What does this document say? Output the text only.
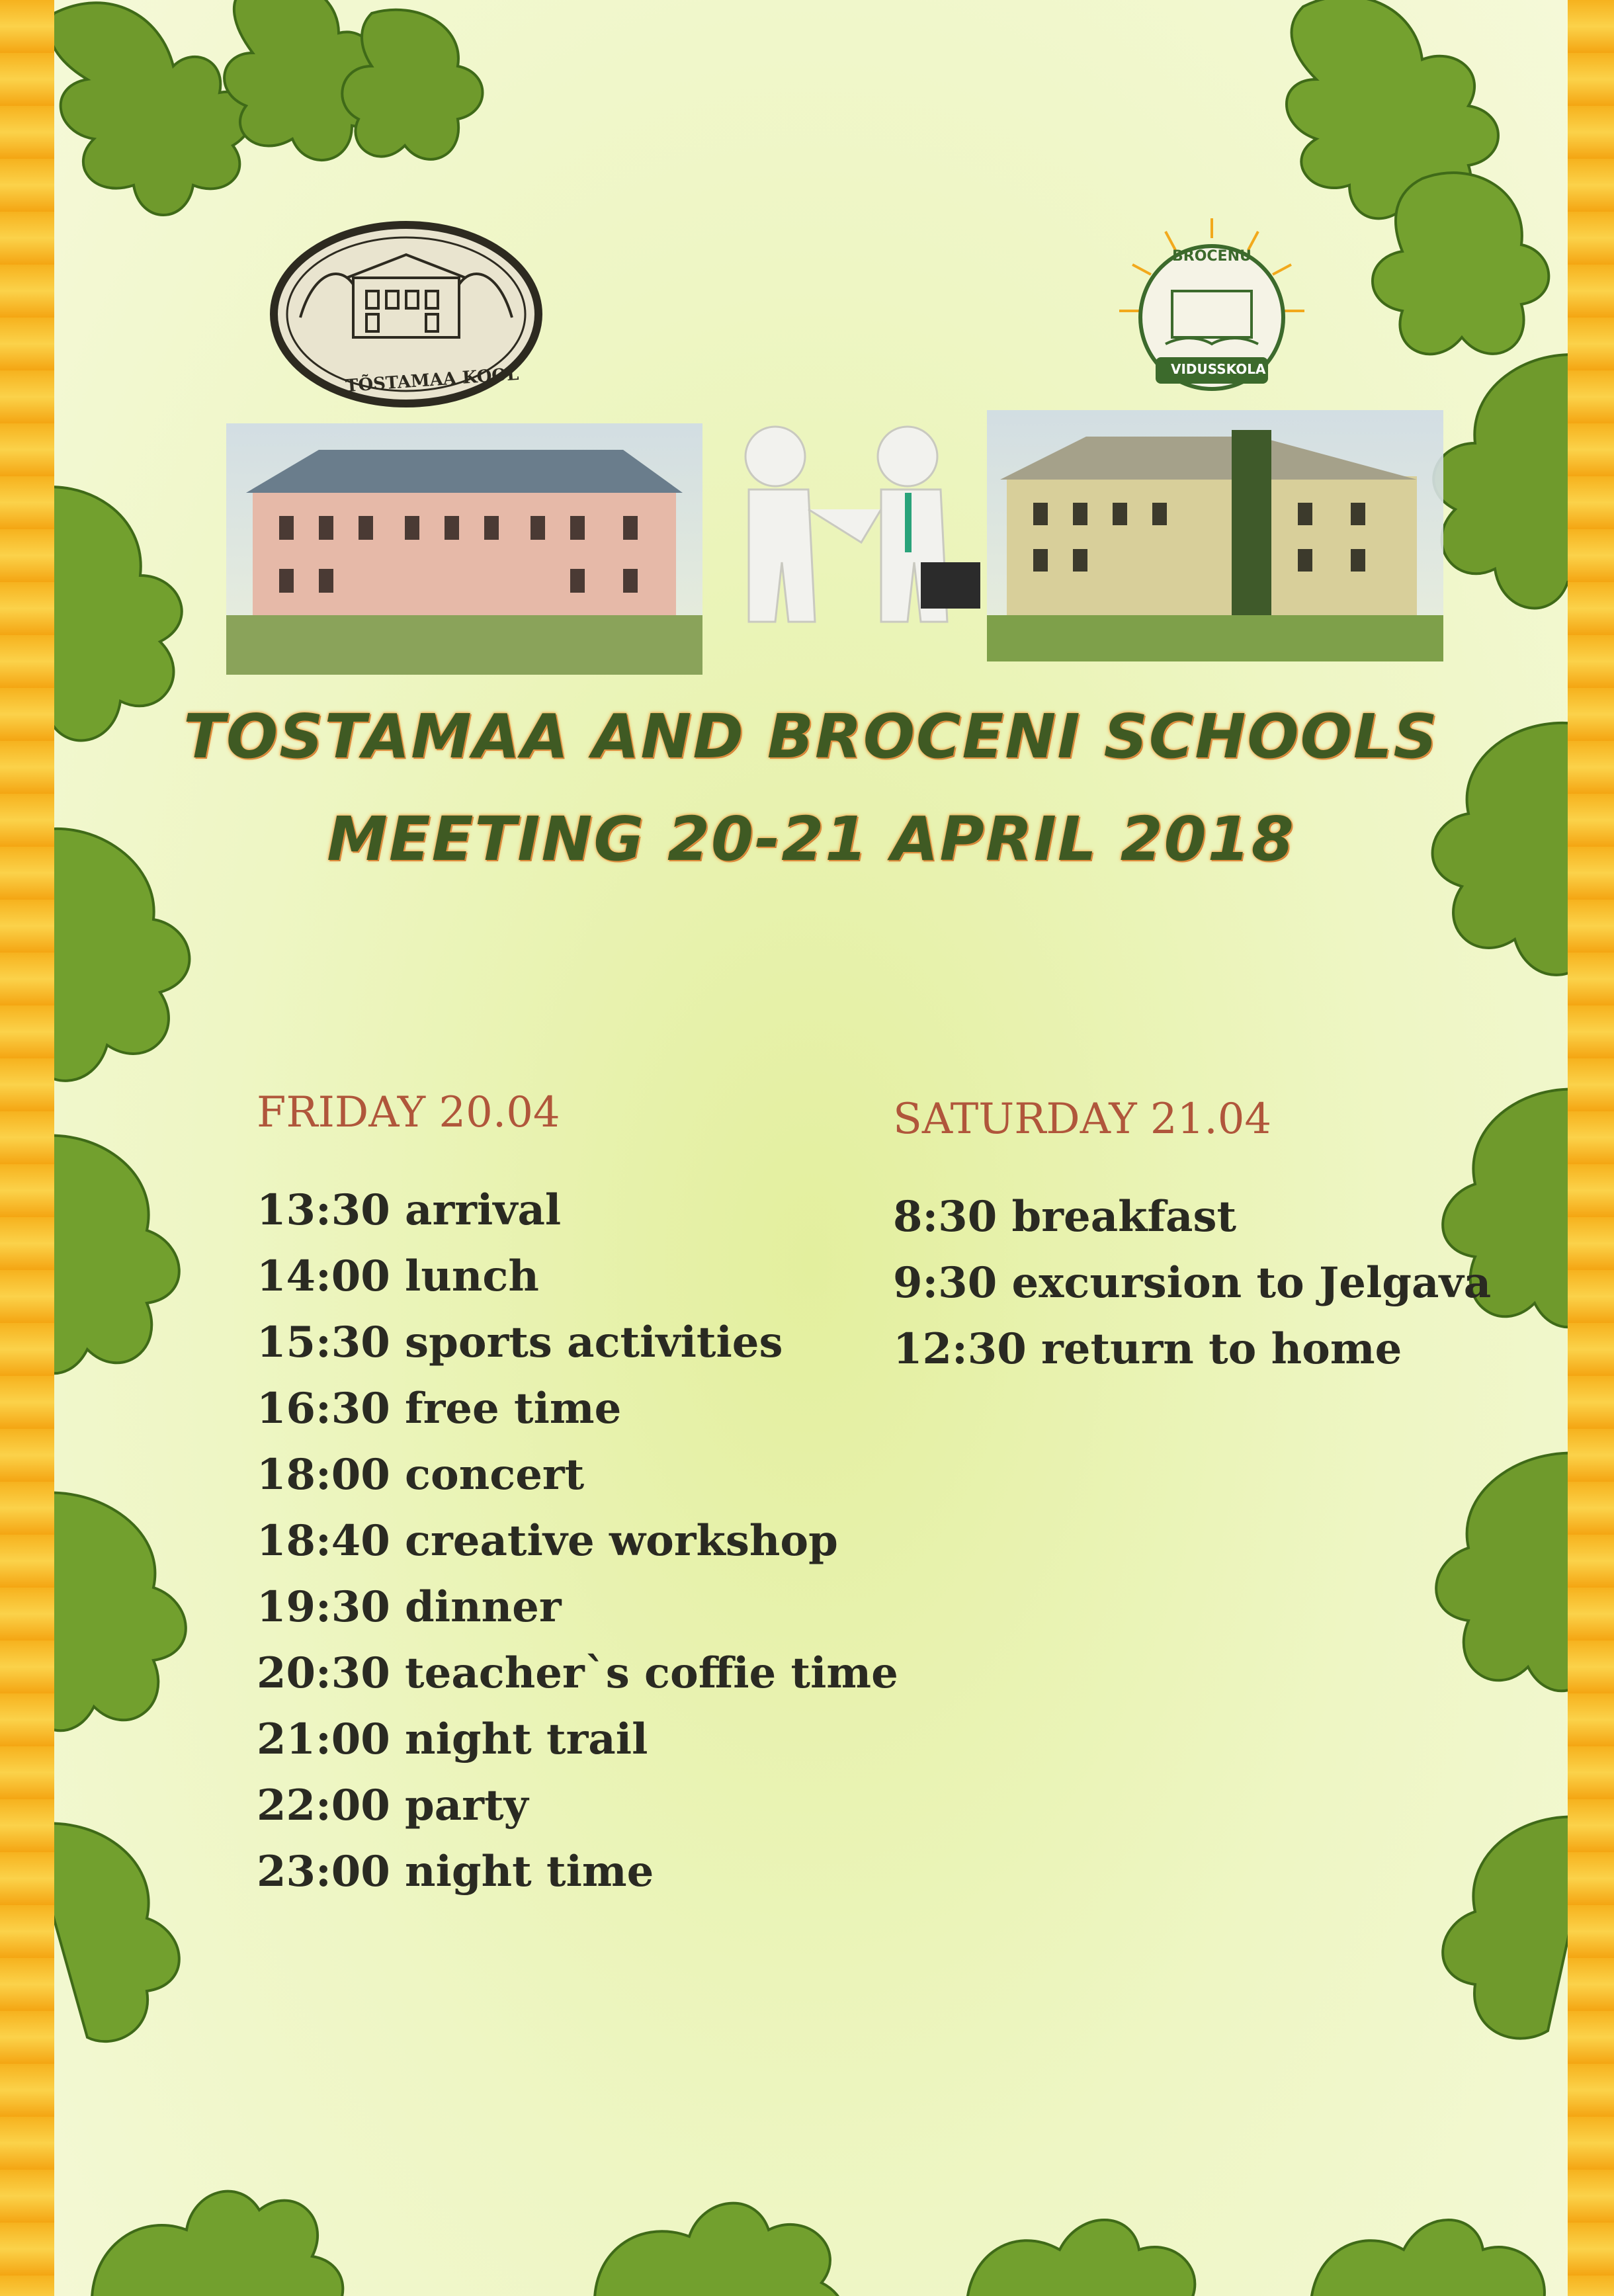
BROCĒNU
VIDUSSKOLA
TÕSTAMAA KOOL
TOSTAMAA AND BROCENI SCHOOLS
MEETING 20-21 APRIL 2018
FRIDAY 20.04
13:30 arrival
14:00 lunch
15:30 sports activities
16:30 free time
18:00 concert
18:40 creative workshop
19:30 dinner
20:30 teacher`s coffie time
21:00 night trail
22:00 party
23:00 night time
SATURDAY 21.04
8:30 breakfast
9:30 excursion to Jelgava
12:30 return to home
